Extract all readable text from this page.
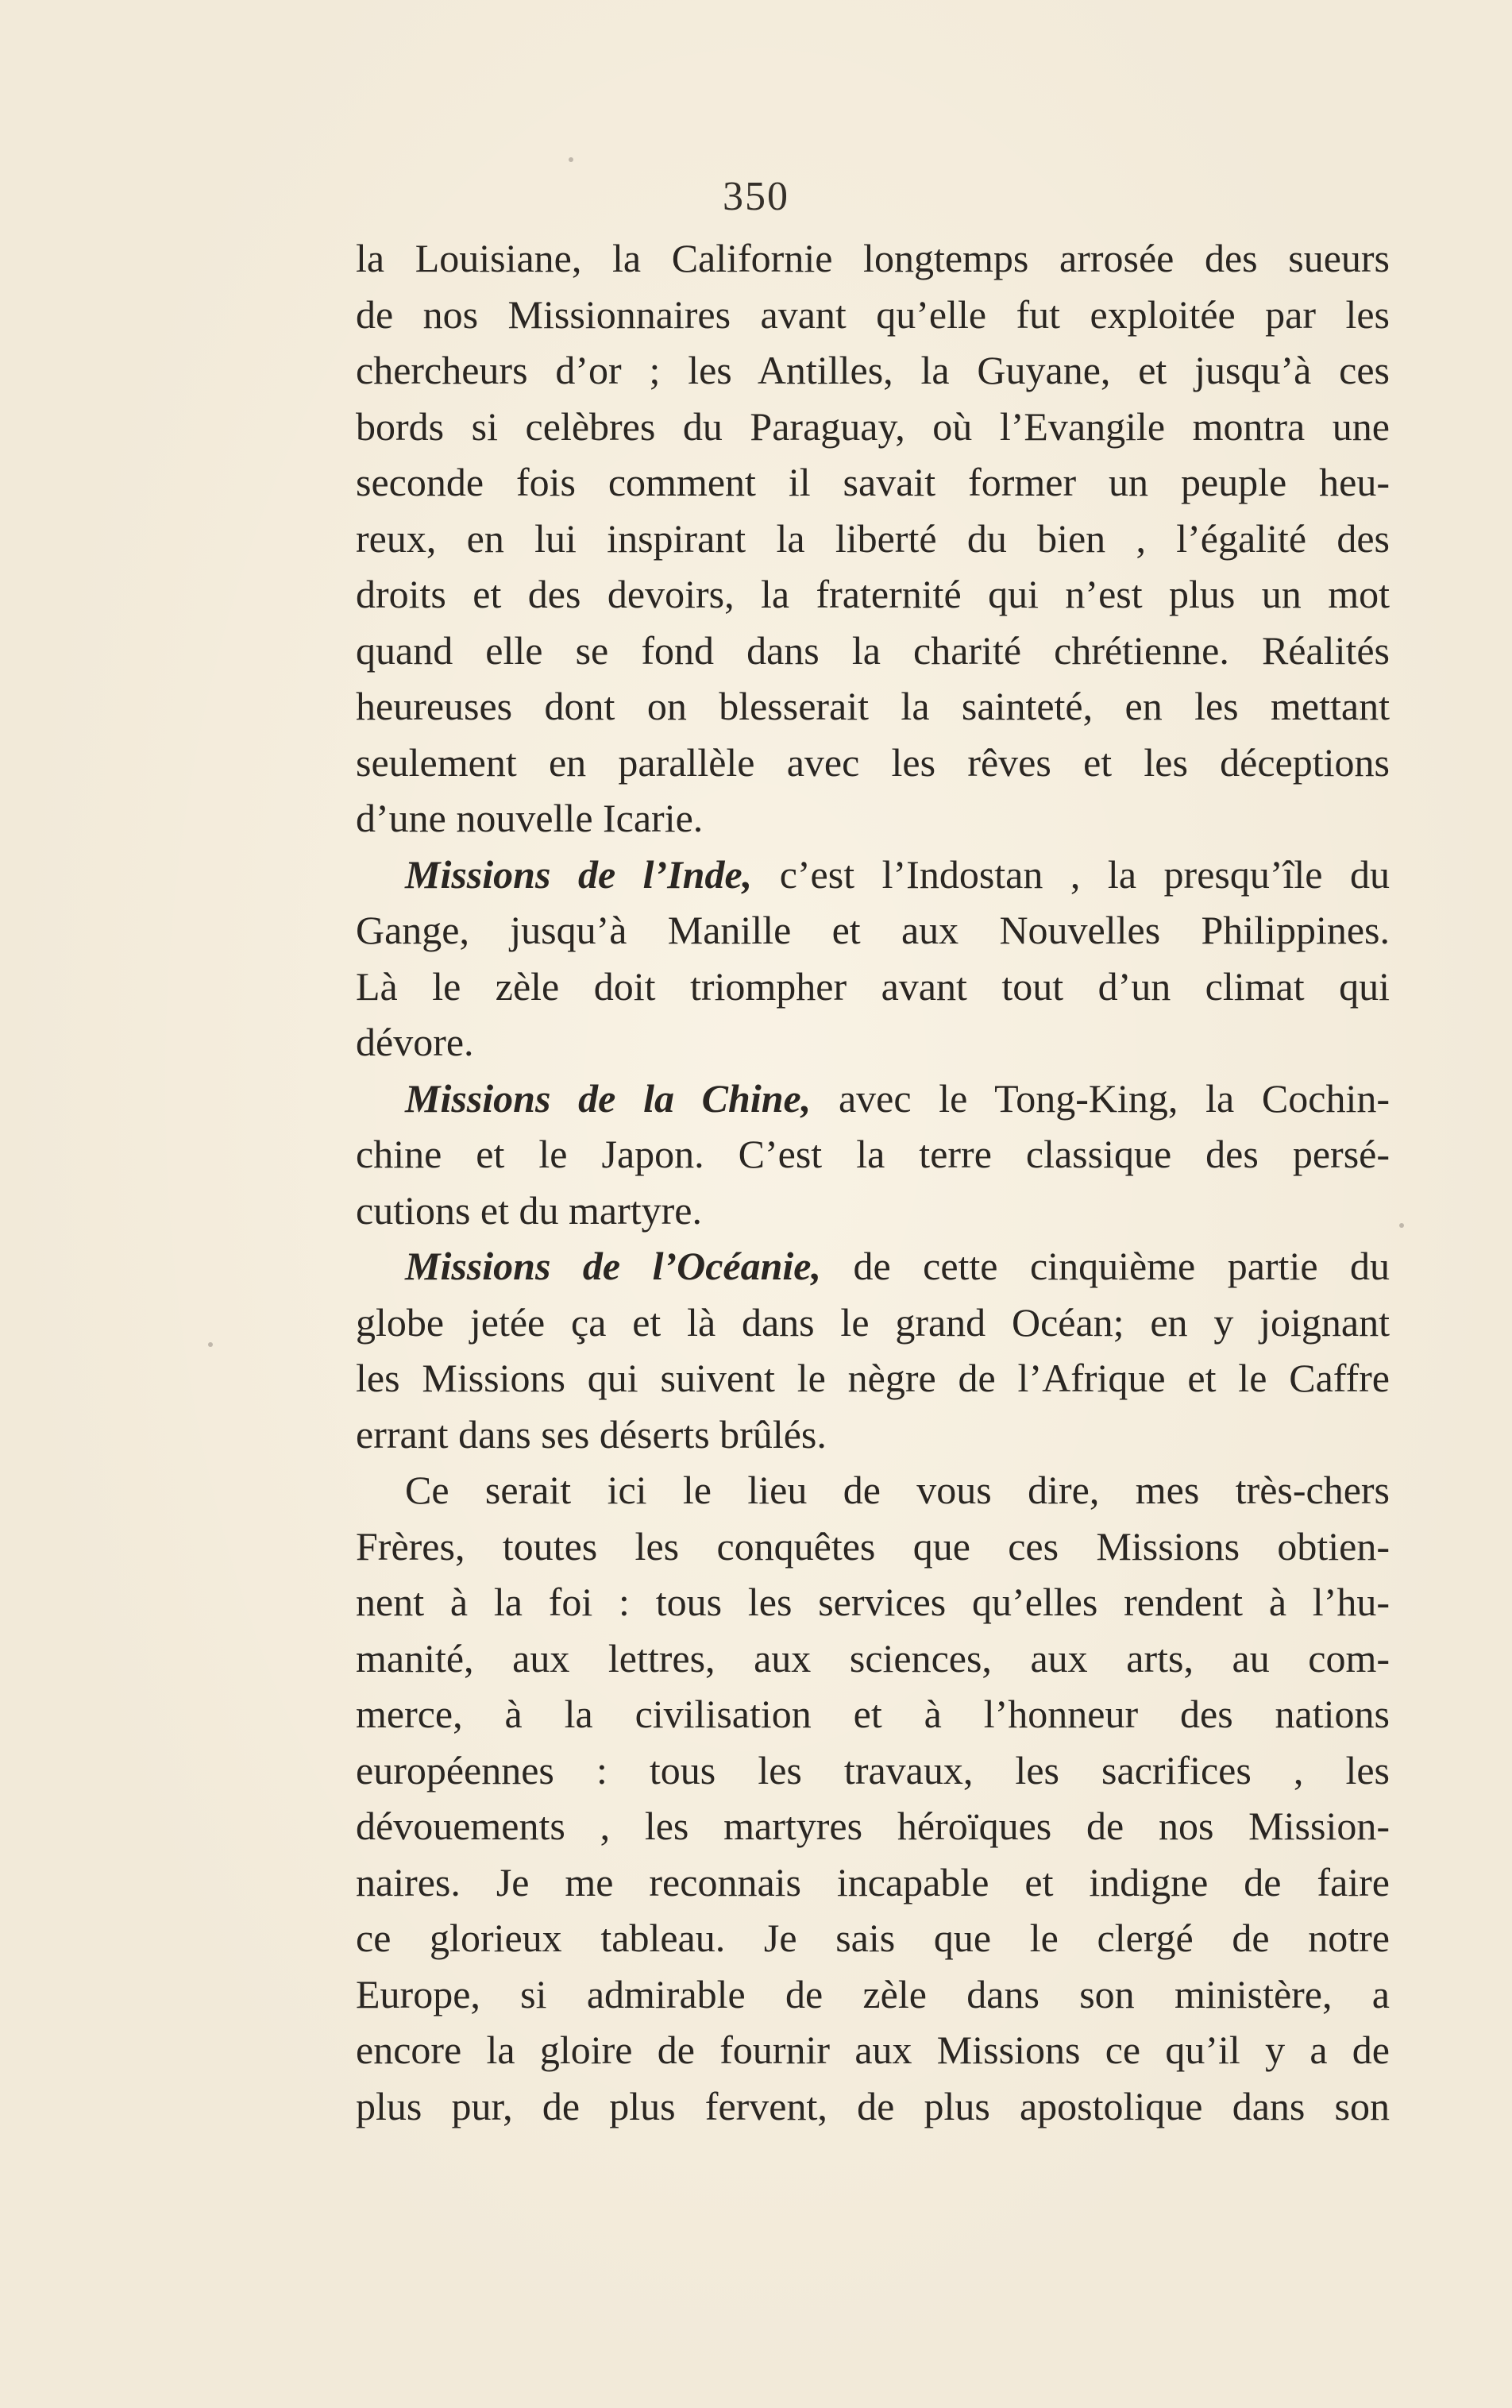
350
la Louisiane, la Californie longtemps arrosée des sueurs
de nos Missionnaires avant qu’elle fut exploitée par les
chercheurs d’or ; les Antilles, la Guyane, et jusqu’à ces
bords si celèbres du Paraguay, où l’Evangile montra une
seconde fois comment il savait former un peuple heu-
reux, en lui inspirant la liberté du bien , l’égalité des
droits et des devoirs, la fraternité qui n’est plus un mot
quand elle se fond dans la charité chrétienne. Réalités
heureuses dont on blesserait la sainteté, en les mettant
seulement en parallèle avec les rêves et les déceptions
d’une nouvelle Icarie.
Missions de l’Inde, c’est l’Indostan , la presqu’île du
Gange, jusqu’à Manille et aux Nouvelles Philippines.
Là le zèle doit triompher avant tout d’un climat qui
dévore.
Missions de la Chine, avec le Tong-King, la Cochin-
chine et le Japon. C’est la terre classique des persé-
cutions et du martyre.
Missions de l’Océanie, de cette cinquième partie du
globe jetée ça et là dans le grand Océan; en y joignant
les Missions qui suivent le nègre de l’Afrique et le Caffre
errant dans ses déserts brûlés.
Ce serait ici le lieu de vous dire, mes très-chers
Frères, toutes les conquêtes que ces Missions obtien-
nent à la foi : tous les services qu’elles rendent à l’hu-
manité, aux lettres, aux sciences, aux arts, au com-
merce, à la civilisation et à l’honneur des nations
européennes : tous les travaux, les sacrifices , les
dévouements , les martyres héroïques de nos Mission-
naires. Je me reconnais incapable et indigne de faire
ce glorieux tableau. Je sais que le clergé de notre
Europe, si admirable de zèle dans son ministère, a
encore la gloire de fournir aux Missions ce qu’il y a de
plus pur, de plus fervent, de plus apostolique dans son
